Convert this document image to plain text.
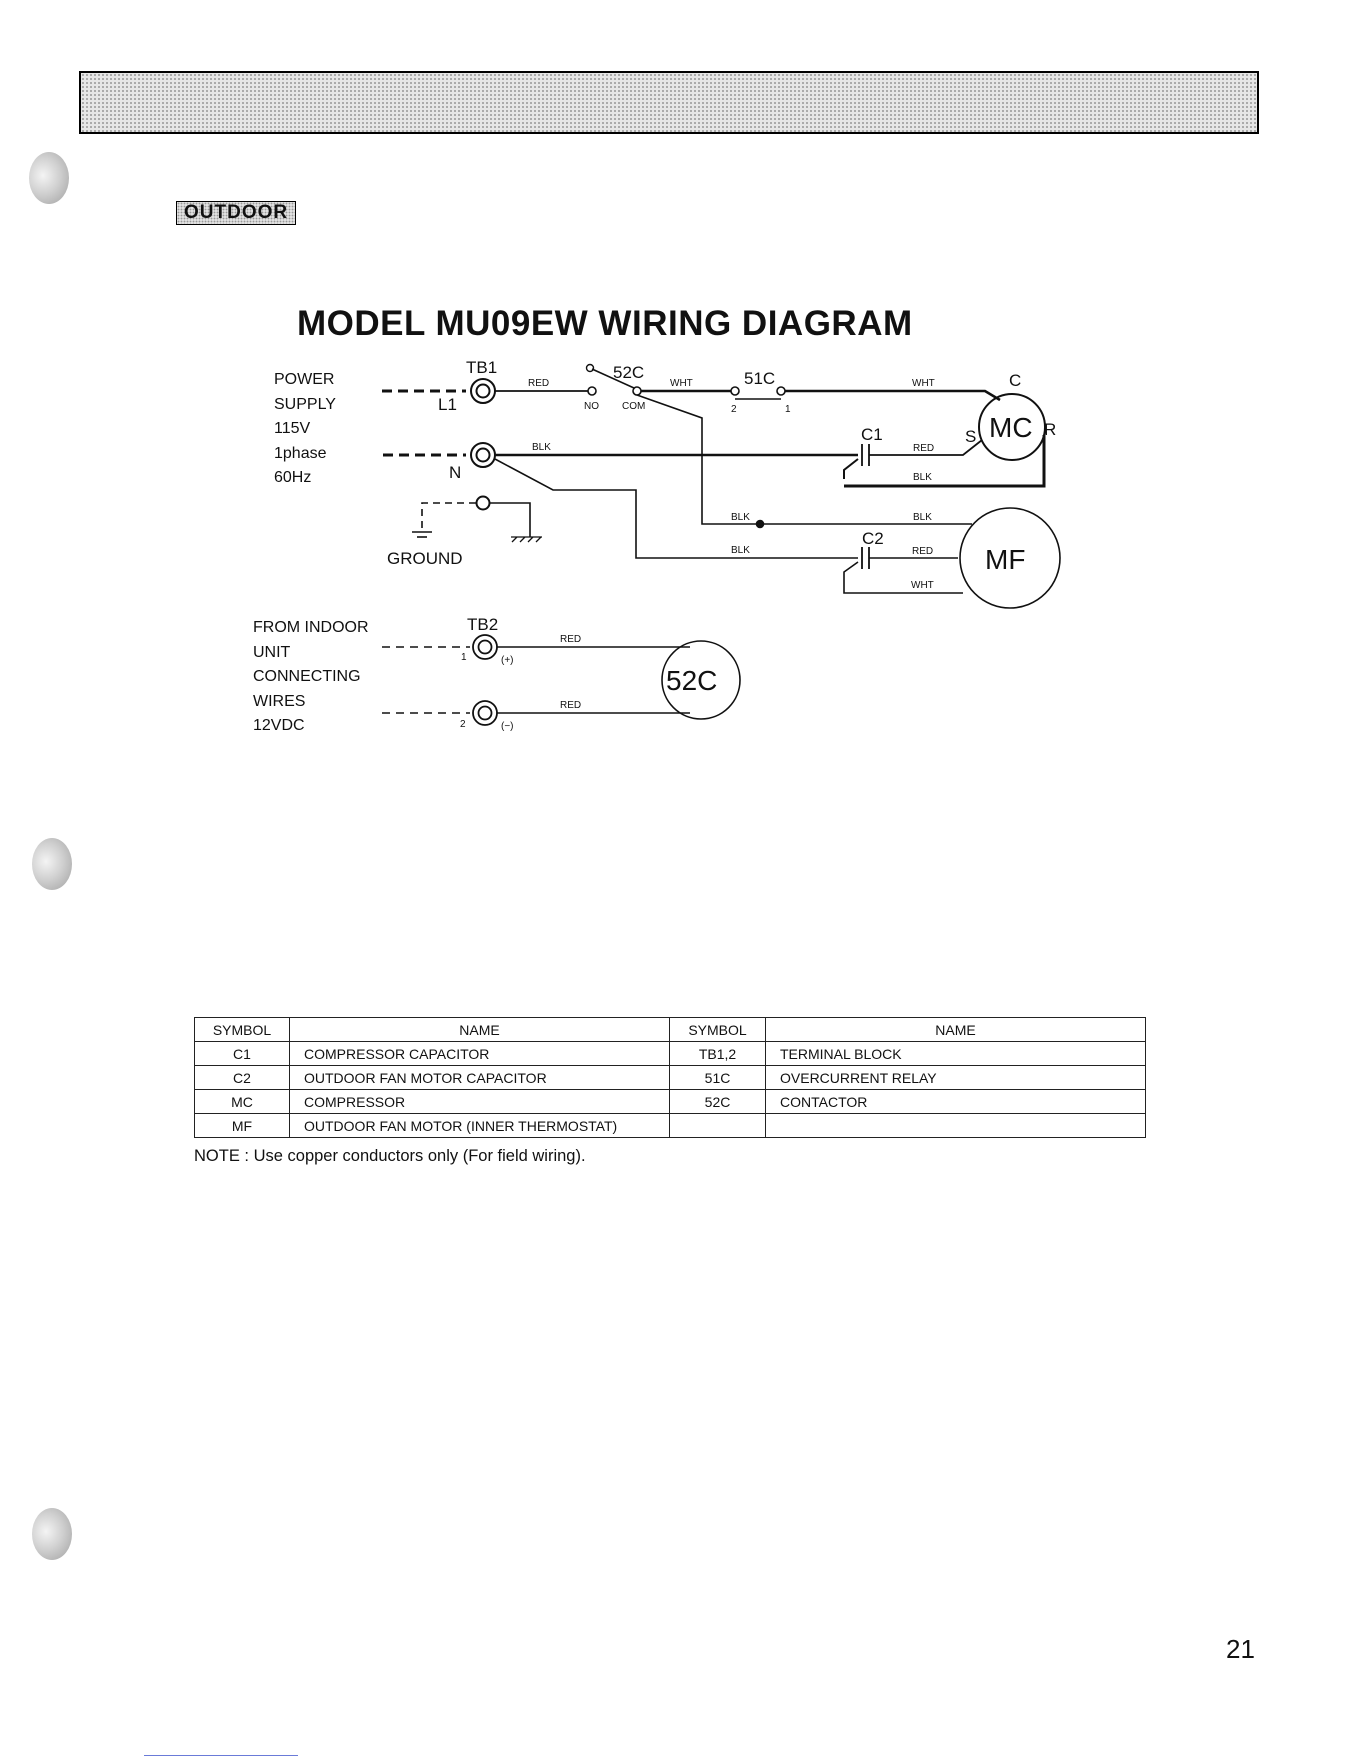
OUTDOOR
MODEL MU09EW WIRING DIAGRAM
POWER
SUPPLY
115V
1phase
60Hz
FROM INDOOR
UNIT
CONNECTING
WIRES
12VDC
TB1
L1
N
GROUND
RED
52C
NO COM
WHT	51C
2	1
WHT
MC
C
S	R
BLK
C1
RED
BLK
BLK
BLK	BLK
C2
RED
WHT
MF
TB2
1	(+)
2	(−)
RED
RED
52C
SYMBOL	NAME	SYMBOL	NAME
C1	COMPRESSOR CAPACITOR	TB1,2	TERMINAL BLOCK
C2	OUTDOOR FAN MOTOR CAPACITOR	51C	OVERCURRENT RELAY
MC	COMPRESSOR	52C	CONTACTOR
MF	OUTDOOR FAN MOTOR (INNER THERMOSTAT)		
NOTE : Use copper conductors only (For field wiring).
21
